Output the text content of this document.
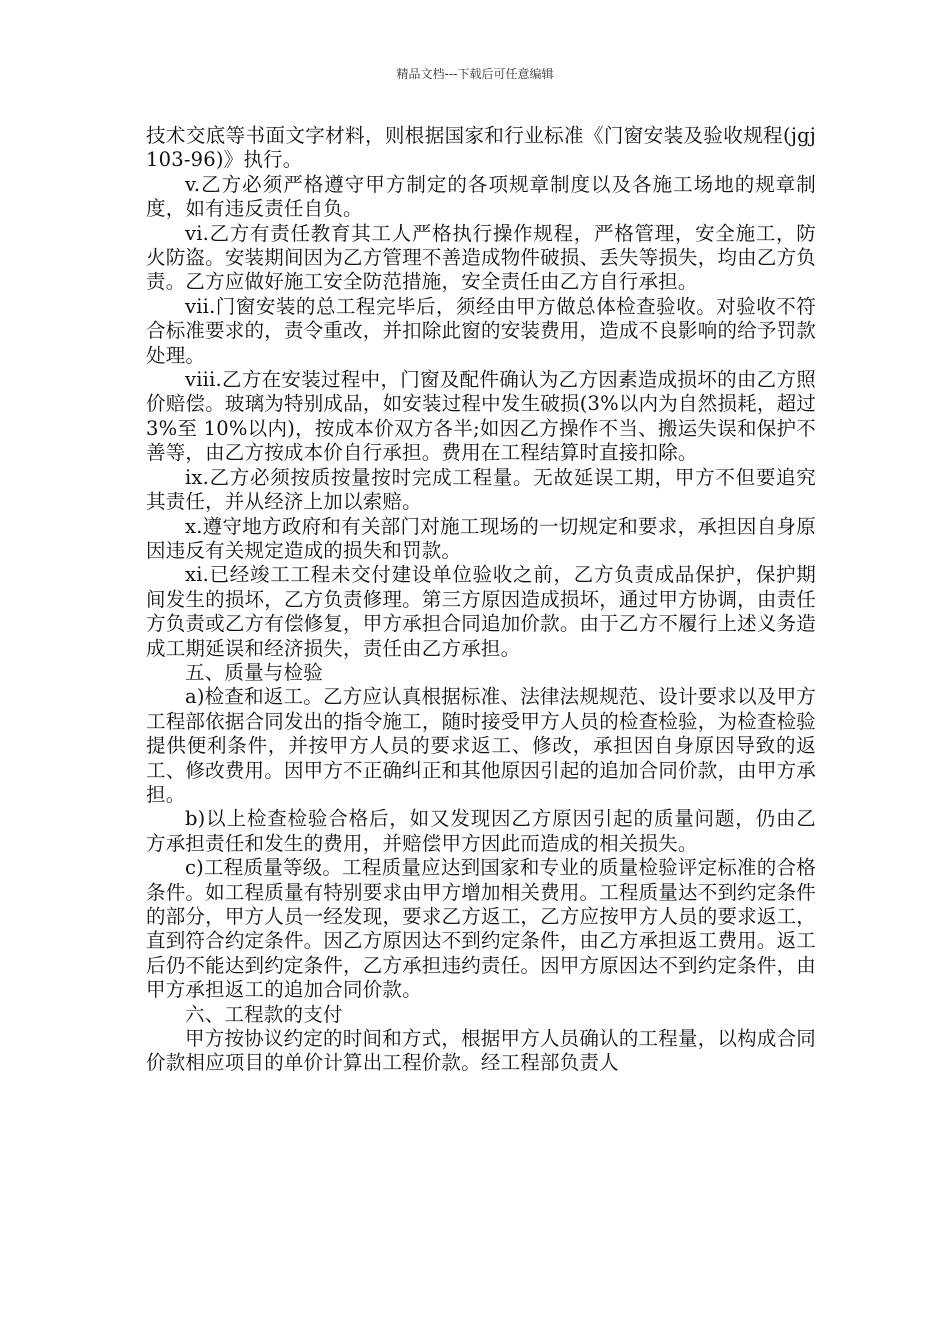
精品文档---下载后可任意编辑

技术交底等书面文字材料，则根据国家和行业标准《门窗安装及验收规程(jgj103-96)》执行。

v.乙方必须严格遵守甲方制定的各项规章制度以及各施工场地的规章制度，如有违反责任自负。

vi.乙方有责任教育其工人严格执行操作规程，严格管理，安全施工，防火防盗。安装期间因为乙方管理不善造成物件破损、丢失等损失，均由乙方负责。乙方应做好施工安全防范措施，安全责任由乙方自行承担。

vii.门窗安装的总工程完毕后，须经由甲方做总体检查验收。对验收不符合标准要求的，责令重改，并扣除此窗的安装费用，造成不良影响的给予罚款处理。

viii.乙方在安装过程中，门窗及配件确认为乙方因素造成损坏的由乙方照价赔偿。玻璃为特别成品，如安装过程中发生破损(3%以内为自然损耗，超过 3%至 10%以内)，按成本价双方各半;如因乙方操作不当、搬运失误和保护不善等，由乙方按成本价自行承担。费用在工程结算时直接扣除。

ix.乙方必须按质按量按时完成工程量。无故延误工期，甲方不但要追究其责任，并从经济上加以索赔。

x.遵守地方政府和有关部门对施工现场的一切规定和要求，承担因自身原因违反有关规定造成的损失和罚款。

xi.已经竣工工程未交付建设单位验收之前，乙方负责成品保护，保护期间发生的损坏，乙方负责修理。第三方原因造成损坏，通过甲方协调，由责任方负责或乙方有偿修复，甲方承担合同追加价款。由于乙方不履行上述义务造成工期延误和经济损失，责任由乙方承担。

五、质量与检验

a)检查和返工。乙方应认真根据标准、法律法规规范、设计要求以及甲方工程部依据合同发出的指令施工，随时接受甲方人员的检查检验，为检查检验提供便利条件，并按甲方人员的要求返工、修改，承担因自身原因导致的返工、修改费用。因甲方不正确纠正和其他原因引起的追加合同价款，由甲方承担。

b)以上检查检验合格后，如又发现因乙方原因引起的质量问题，仍由乙方承担责任和发生的费用，并赔偿甲方因此而造成的相关损失。

c)工程质量等级。工程质量应达到国家和专业的质量检验评定标准的合格条件。如工程质量有特别要求由甲方增加相关费用。工程质量达不到约定条件的部分，甲方人员一经发现，要求乙方返工，乙方应按甲方人员的要求返工，直到符合约定条件。因乙方原因达不到约定条件，由乙方承担返工费用。返工后仍不能达到约定条件，乙方承担违约责任。因甲方原因达不到约定条件，由甲方承担返工的追加合同价款。

六、工程款的支付

甲方按协议约定的时间和方式，根据甲方人员确认的工程量，以构成合同价款相应项目的单价计算出工程价款。经工程部负责人
